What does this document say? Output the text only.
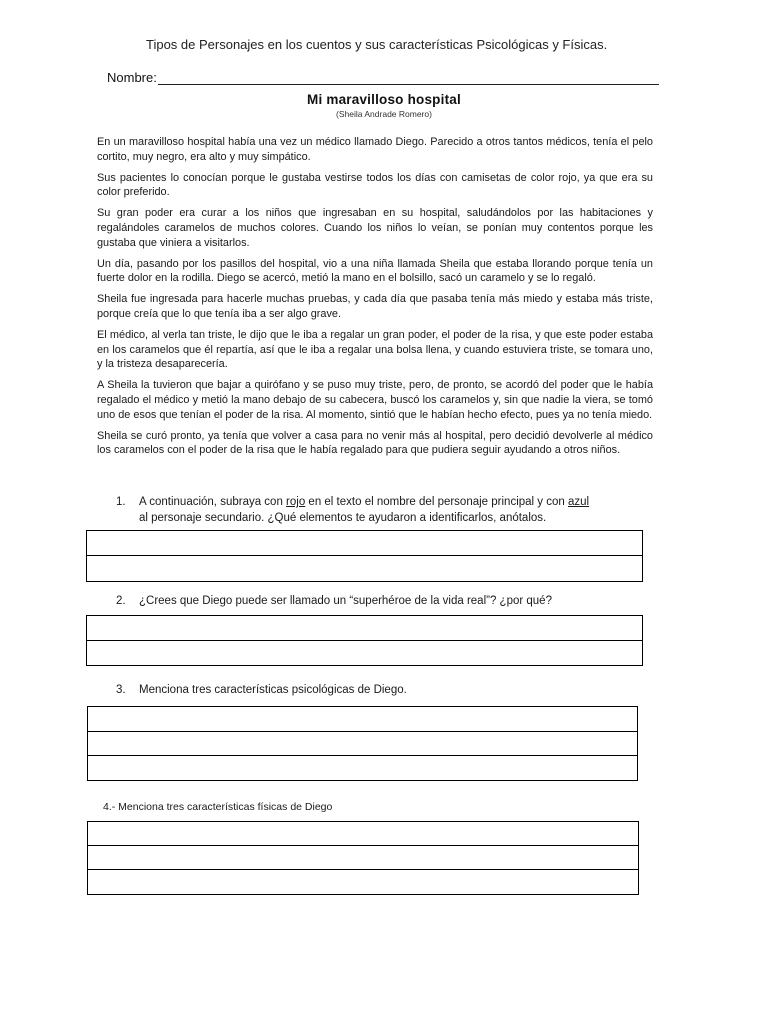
Tipos de Personajes en los cuentos y sus características Psicológicas y Físicas.
Nombre:
Mi maravilloso hospital
(Sheila Andrade Romero)

En un maravilloso hospital había una vez un médico llamado Diego. Parecido a otros tantos médicos, tenía el pelo cortito, muy negro, era alto y muy simpático.

Sus pacientes lo conocían porque le gustaba vestirse todos los días con camisetas de color rojo, ya que era su color preferido.

Su gran poder era curar a los niños que ingresaban en su hospital, saludándolos por las habitaciones y regalándoles caramelos de muchos colores. Cuando los niños lo veían, se ponían muy contentos porque les gustaba que viniera a visitarlos.

Un día, pasando por los pasillos del hospital, vio a una niña llamada Sheila que estaba llorando porque tenía un fuerte dolor en la rodilla. Diego se acercó, metió la mano en el bolsillo, sacó un caramelo y se lo regaló.

Sheila fue ingresada para hacerle muchas pruebas, y cada día que pasaba tenía más miedo y estaba más triste, porque creía que lo que tenía iba a ser algo grave.

El médico, al verla tan triste, le dijo que le iba a regalar un gran poder, el poder de la risa, y que este poder estaba en los caramelos que él repartía, así que le iba a regalar una bolsa llena, y cuando estuviera triste, se tomara uno, y la tristeza desaparecería.

A Sheila la tuvieron que bajar a quirófano y se puso muy triste, pero, de pronto, se acordó del poder que le había regalado el médico y metió la mano debajo de su cabecera, buscó los caramelos y, sin que nadie la viera, se tomó uno de esos que tenían el poder de la risa. Al momento, sintió que le habían hecho efecto, pues ya no tenía miedo.

Sheila se curó pronto, ya tenía que volver a casa para no venir más al hospital, pero decidió devolverle al médico los caramelos con el poder de la risa que le había regalado para que pudiera seguir ayudando a otros niños.

1. A continuación, subraya con rojo en el texto el nombre del personaje principal y con azul
al personaje secundario. ¿Qué elementos te ayudaron a identificarlos, anótalos.
2. ¿Crees que Diego puede ser llamado un “superhéroe de la vida real”? ¿por qué?
3. Menciona tres características psicológicas de Diego.
4.- Menciona tres características físicas de Diego
